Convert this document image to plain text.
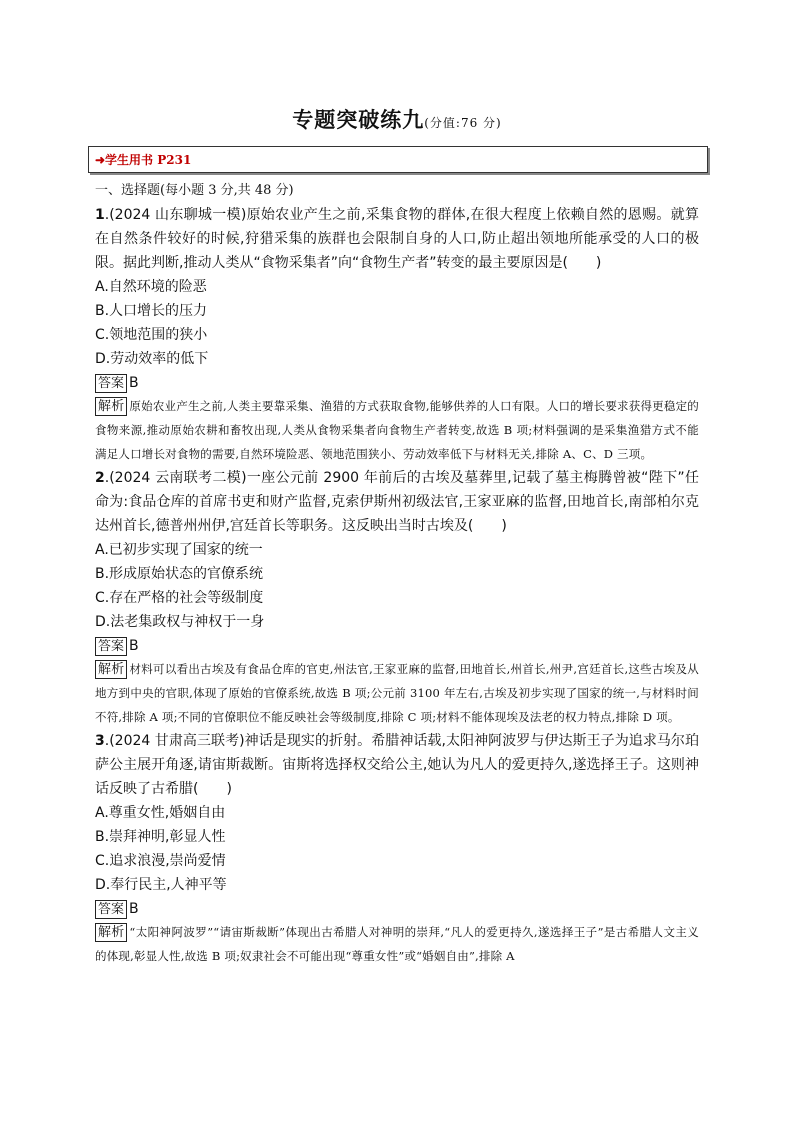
专题突破练九(分值:76 分)
➜学生用书 P231
一、选择题(每小题 3 分,共 48 分)
1.(2024 山东聊城一模)原始农业产生之前,采集食物的群体,在很大程度上依赖自然的恩赐。就算在自然条件较好的时候,狩猎采集的族群也会限制自身的人口,防止超出领地所能承受的人口的极限。据此判断,推动人类从“食物采集者”向“食物生产者”转变的最主要原因是(　　)
A.自然环境的险恶
B.人口增长的压力
C.领地范围的狭小
D.劳动效率的低下
答案 B
解析 原始农业产生之前,人类主要靠采集、渔猎的方式获取食物,能够供养的人口有限。人口的增长要求获得更稳定的食物来源,推动原始农耕和畜牧出现,人类从食物采集者向食物生产者转变,故选 B 项;材料强调的是采集渔猎方式不能满足人口增长对食物的需要,自然环境险恶、领地范围狭小、劳动效率低下与材料无关,排除 A、C、D 三项。
2.(2024 云南联考二模)一座公元前 2900 年前后的古埃及墓葬里,记载了墓主梅腾曾被“陛下”任命为:食品仓库的首席书吏和财产监督,克索伊斯州初级法官,王家亚麻的监督,田地首长,南部柏尔克达州首长,德普州州伊,宫廷首长等职务。这反映出当时古埃及(　　)
A.已初步实现了国家的统一
B.形成原始状态的官僚系统
C.存在严格的社会等级制度
D.法老集政权与神权于一身
答案 B
解析 材料可以看出古埃及有食品仓库的官吏,州法官,王家亚麻的监督,田地首长,州首长,州尹,宫廷首长,这些古埃及从地方到中央的官职,体现了原始的官僚系统,故选 B 项;公元前 3100 年左右,古埃及初步实现了国家的统一,与材料时间不符,排除 A 项;不同的官僚职位不能反映社会等级制度,排除 C 项;材料不能体现埃及法老的权力特点,排除 D 项。
3.(2024 甘肃高三联考)神话是现实的折射。希腊神话载,太阳神阿波罗与伊达斯王子为追求马尔珀萨公主展开角逐,请宙斯裁断。宙斯将选择权交给公主,她认为凡人的爱更持久,遂选择王子。这则神话反映了古希腊(　　)
A.尊重女性,婚姻自由
B.崇拜神明,彰显人性
C.追求浪漫,崇尚爱情
D.奉行民主,人神平等
答案 B
解析 “太阳神阿波罗”“请宙斯裁断”体现出古希腊人对神明的崇拜,“凡人的爱更持久,遂选择王子”是古希腊人文主义的体现,彰显人性,故选 B 项;奴隶社会不可能出现“尊重女性”或“婚姻自由”,排除 A
